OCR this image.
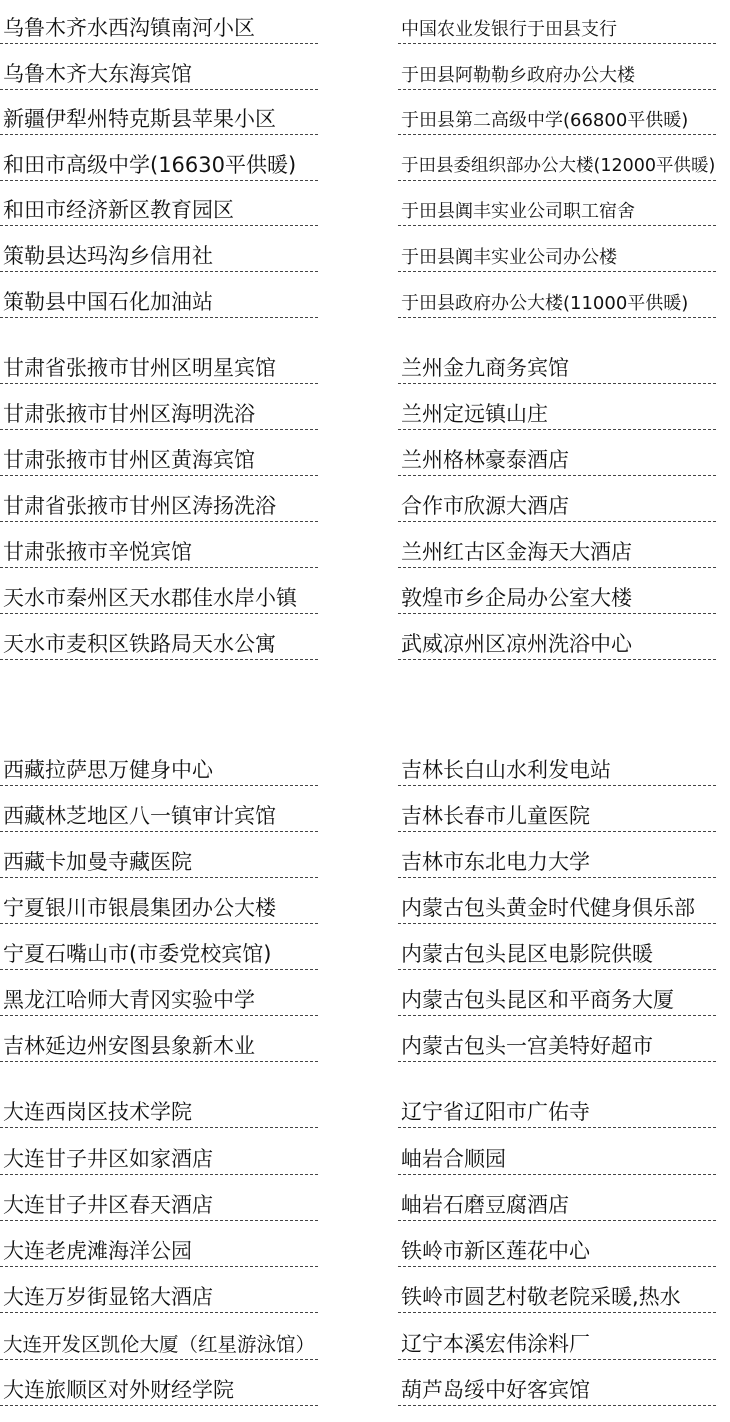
乌鲁木齐水西沟镇南河小区
乌鲁木齐大东海宾馆
新疆伊犁州特克斯县苹果小区
和田市高级中学(16630平供暖)
和田市经济新区教育园区
策勒县达玛沟乡信用社
策勒县中国石化加油站
中国农业发银行于田县支行
于田县阿勒勒乡政府办公大楼
于田县第二高级中学(66800平供暖)
于田县委组织部办公大楼(12000平供暖)
于田县阗丰实业公司职工宿舍
于田县阗丰实业公司办公楼
于田县政府办公大楼(11000平供暖)
甘肃省张掖市甘州区明星宾馆
甘肃张掖市甘州区海明洗浴
甘肃张掖市甘州区黄海宾馆
甘肃省张掖市甘州区涛扬洗浴
甘肃张掖市辛悦宾馆
天水市秦州区天水郡佳水岸小镇
天水市麦积区铁路局天水公寓
兰州金九商务宾馆
兰州定远镇山庄
兰州格林豪泰酒店
合作市欣源大酒店
兰州红古区金海天大酒店
敦煌市乡企局办公室大楼
武威凉州区凉州洗浴中心
西藏拉萨思万健身中心
西藏林芝地区八一镇审计宾馆
西藏卡加曼寺藏医院
宁夏银川市银晨集团办公大楼
宁夏石嘴山市(市委党校宾馆)
黑龙江哈师大青冈实验中学
吉林延边州安图县象新木业
吉林长白山水利发电站
吉林长春市儿童医院
吉林市东北电力大学
内蒙古包头黄金时代健身俱乐部
内蒙古包头昆区电影院供暖
内蒙古包头昆区和平商务大厦
内蒙古包头一宫美特好超市
大连西岗区技术学院
大连甘子井区如家酒店
大连甘子井区春天酒店
大连老虎滩海洋公园
大连万岁街显铭大酒店
大连开发区凯伦大厦（红星游泳馆）
大连旅顺区对外财经学院
辽宁省辽阳市广佑寺
岫岩合顺园
岫岩石磨豆腐酒店
铁岭市新区莲花中心
铁岭市圆艺村敬老院采暖,热水
辽宁本溪宏伟涂料厂
葫芦岛绥中好客宾馆
